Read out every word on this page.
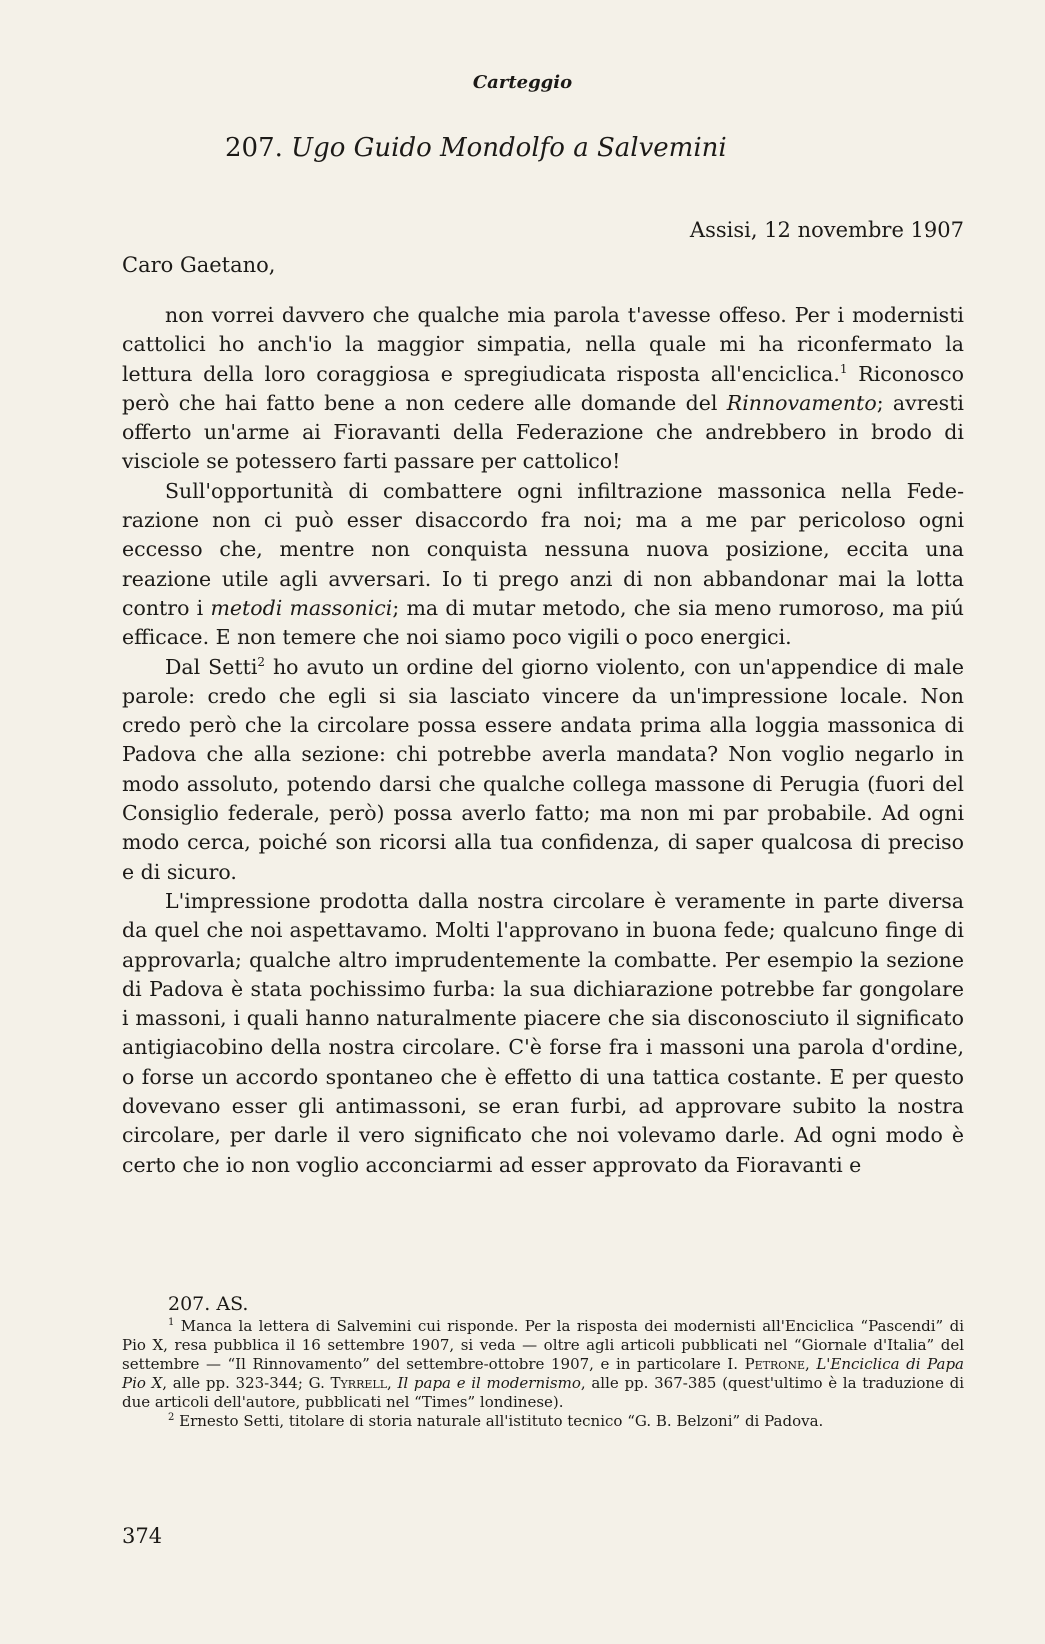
Carteggio
207. Ugo Guido Mondolfo a Salvemini
Assisi, 12 novembre 1907
Caro Gaetano,

non vorrei davvero che qualche mia parola t'avesse offeso. Per i modernisti cattolici ho anch'io la maggior simpatia, nella quale mi ha riconfermato la lettura della loro coraggiosa e spregiudicata risposta all'enciclica.$^1$ Riconosco però che hai fatto bene a non cedere alle domande del Rinnovamento; avresti offerto un'arme ai Fioravanti della Federazione che andrebbero in brodo di visciole se potessero farti passare per cattolico!

Sull'opportunità di combattere ogni infiltrazione massonica nella Federazione non ci può esser disaccordo fra noi; ma a me par pericoloso ogni eccesso che, mentre non conquista nessuna nuova posizione, eccita una reazione utile agli avversari. Io ti prego anzi di non abbandonar mai la lotta contro i metodi massonici; ma di mutar metodo, che sia meno rumoroso, ma piú efficace. E non temere che noi siamo poco vigili o poco energici.

Dal Setti$^2$ ho avuto un ordine del giorno violento, con un'appendice di male parole: credo che egli si sia lasciato vincere da un'impressione locale. Non credo però che la circolare possa essere andata prima alla loggia massonica di Padova che alla sezione: chi potrebbe averla mandata? Non voglio negarlo in modo assoluto, potendo darsi che qualche collega massone di Perugia (fuori del Consiglio federale, però) possa averlo fatto; ma non mi par probabile. Ad ogni modo cerca, poiché son ricorsi alla tua confidenza, di saper qualcosa di preciso e di sicuro.

L'impressione prodotta dalla nostra circolare è veramente in parte diversa da quel che noi aspettavamo. Molti l'approvano in buona fede; qualcuno finge di approvarla; qualche altro imprudentemente la combatte. Per esempio la sezione di Padova è stata pochissimo furba: la sua dichiarazione potrebbe far gongolare i massoni, i quali hanno naturalmente piacere che sia disconosciuto il significato antigiacobino della nostra circolare. C'è forse fra i massoni una parola d'ordine, o forse un accordo spontaneo che è effetto di una tattica costante. E per questo dovevano esser gli antimassoni, se eran furbi, ad approvare subito la nostra circolare, per darle il vero significato che noi volevamo darle. Ad ogni modo è certo che io non voglio acconciarmi ad esser approvato da Fioravanti e

207. AS.

$^1$ Manca la lettera di Salvemini cui risponde. Per la risposta dei modernisti all'Enciclica “Pascendi” di Pio X, resa pubblica il 16 settembre 1907, si veda — oltre agli articoli pubblicati nel “Giornale d'Italia” del settembre — “Il Rinnovamento” del settembre-ottobre 1907, e in particolare I. Petrone, L'Enciclica di Papa Pio X, alle pp. 323-344; G. Tyrrell, Il papa e il modernismo, alle pp. 367-385 (quest'ultimo è la traduzione di due articoli dell'autore, pubblicati nel “Times” londinese).

$^2$ Ernesto Setti, titolare di storia naturale all'istituto tecnico “G. B. Belzoni” di Padova.

374
